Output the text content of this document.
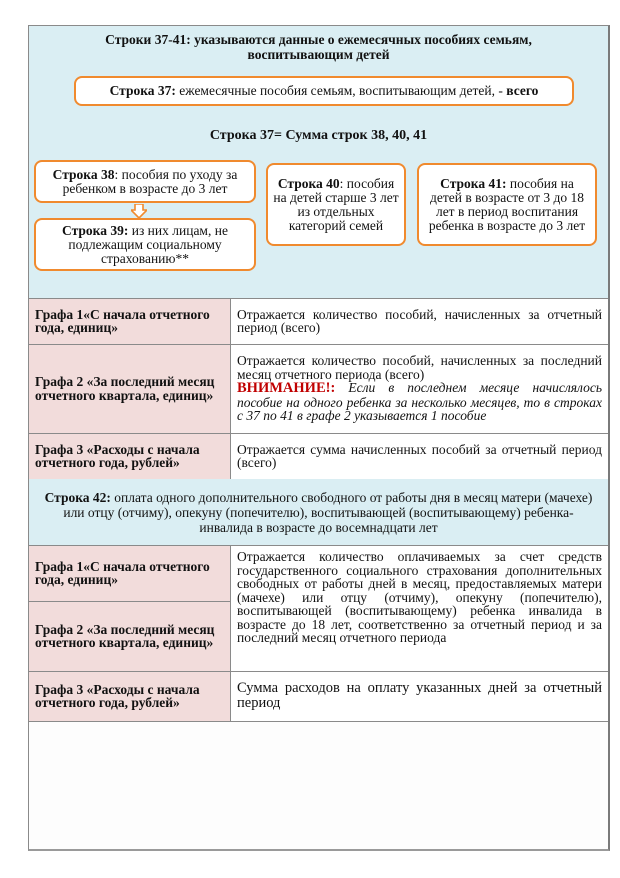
Строки 37-41: указываются данные о ежемесячных пособиях семьям, воспитывающим детей
Строка 37: ежемесячные пособия семьям, воспитывающим детей, - всего
Строка 37= Сумма строк 38, 40, 41
Строка 38: пособия по уходу за ребенком в возрасте до 3 лет
Строка 39: из них лицам, не подлежащим социальному страхованию**
Строка 40: пособия на детей старше 3 лет из отдельных категорий семей
Строка 41: пособия на детей в возрасте от 3 до 18 лет в период воспитания ребенка в возрасте до 3 лет
Графа 1«С начала отчетного года, единиц»	Отражается количество пособий, начисленных за отчетный период (всего)
Графа 2 «За последний месяц отчетного квартала, единиц»	Отражается количество пособий, начисленных за последний месяц отчетного периода (всего)
ВНИМАНИЕ!: Если в последнем месяце начислялось пособие на одного ребенка за несколько месяцев, то в строках с 37 по 41 в графе 2 указывается 1 пособие
Графа 3 «Расходы с начала отчетного года, рублей»	Отражается сумма начисленных пособий за отчетный период (всего)
Строка 42: оплата одного дополнительного свободного от работы дня в месяц матери (мачехе) или отцу (отчиму), опекуну (попечителю), воспитывающей (воспитывающему) ребенка-инвалида в возрасте до восемнадцати лет
Графа 1«С начала отчетного года, единиц»	Отражается количество оплачиваемых за счет средств государственного социального страхования дополнительных свободных от работы дней в месяц, предоставляемых матери (мачехе) или отцу (отчиму), опекуну (попечителю), воспитывающей (воспитывающему) ребенка инвалида в возрасте до 18 лет, соответственно за отчетный период и за последний месяц отчетного периода
Графа 2 «За последний месяц отчетного квартала, единиц»	
Графа 3 «Расходы с начала отчетного года, рублей»	Сумма расходов на оплату указанных дней за отчетный период
